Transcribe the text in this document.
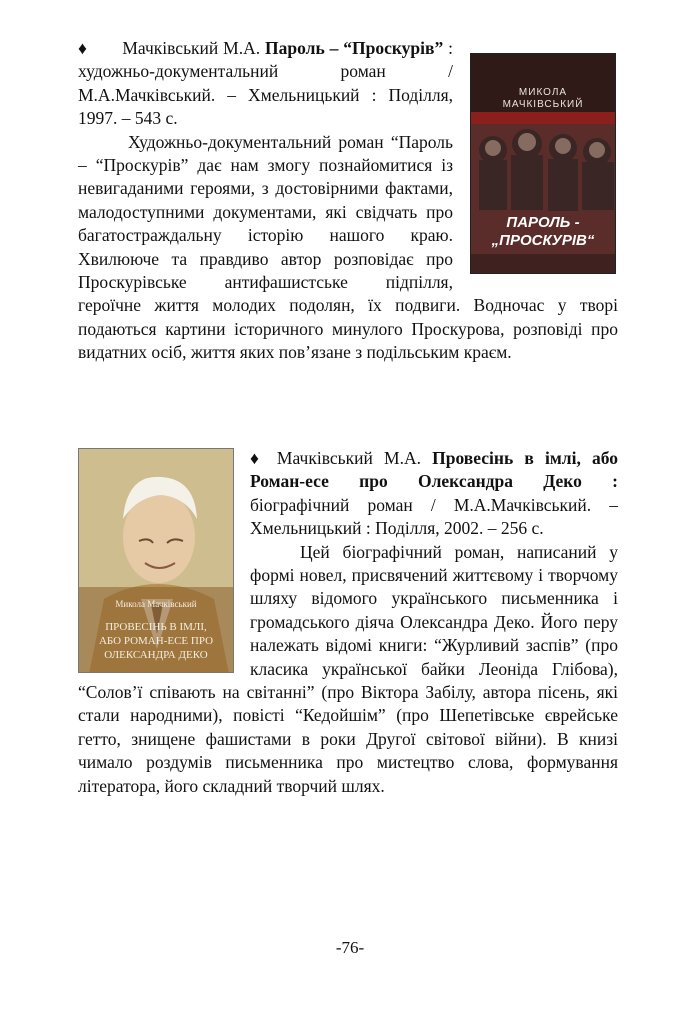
♦ Мачківський М.А. Пароль – “Проскурів” : художньо-документальний роман / М.А.Мачківський. – Хмельницький : Поділля, 1997. – 543 с.

Художньо-документальний роман “Пароль – “Проскурів” дає нам змогу познайомитися із невигаданими героями, з достовірними фактами, малодоступними документами, які свідчать про багатостраждальну історію нашого краю. Хвилююче та правдиво автор розповідає про Проскурівське антифашистське підпілля, героїчне життя молодих подолян, їх подвиги. Водночас у творі подаються картини історичного минулого Проскурова, розповіді про видатних осіб, життя яких пов’язане з подільським краєм.

МИКОЛА МАЧКІВСЬКИЙ
ПАРОЛЬ -
„ПРОСКУРІВ“

♦ Мачківський М.А. Провесінь в імлі, або Роман-есе про Олександра Деко : біографічний роман / М.А.Мачківський. – Хмельницький : Поділля, 2002. – 256 с.

Цей біографічний роман, написаний у формі новел, присвячений життєвому і творчому шляху відомого українського письменника і громадського діяча Олександра Деко. Його перу належать відомі книги: “Журливий заспів” (про класика української байки Леоніда Глібова), “Солов’ї співають на світанні” (про Віктора Забілу, автора пісень, які стали народними), повісті “Кедойшім” (про Шепетівське єврейське гетто, знищене фашистами в роки Другої світової війни). В книзі чимало роздумів письменника про мистецтво слова, формування літератора, його складний творчий шлях.

Микола Мачківський
ПРОВЕСІНЬ В ІМЛІ,
АБО РОМАН-ЕСЕ ПРО
ОЛЕКСАНДРА ДЕКО
-76-
